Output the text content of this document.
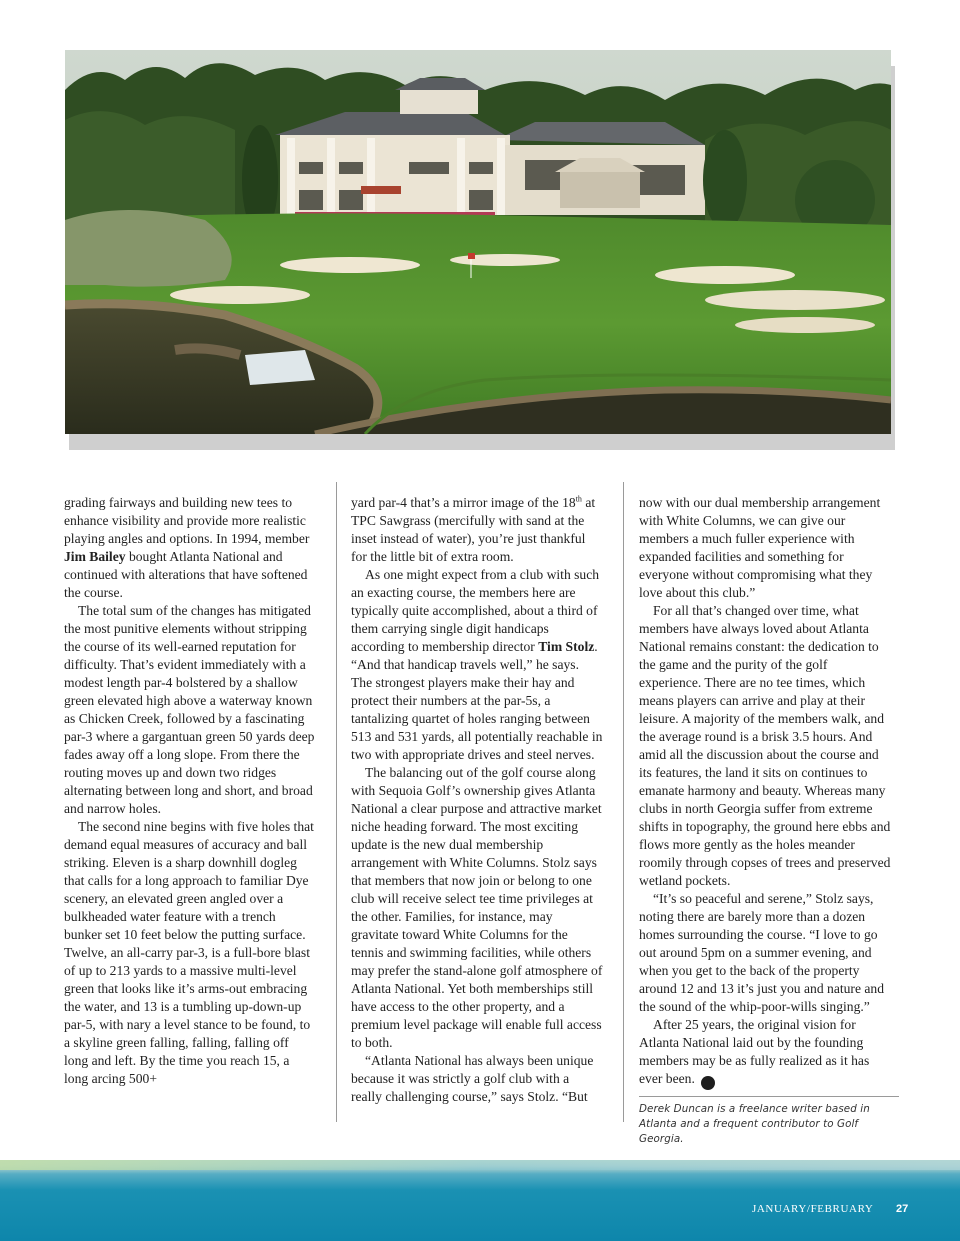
grading fairways and building new tees to enhance visibility and provide more realistic playing angles and options. In 1994, member Jim Bailey bought Atlanta National and continued with alterations that have softened the course.

The total sum of the changes has mitigated the most punitive elements without stripping the course of its well-earned reputation for difficulty. That’s evident immediately with a modest length par-4 bolstered by a shallow green elevated high above a waterway known as Chicken Creek, followed by a fascinating par-3 where a gargantuan green 50 yards deep fades away off a long slope. From there the routing moves up and down two ridges alternating between long and short, and broad and narrow holes.

The second nine begins with five holes that demand equal measures of accuracy and ball striking. Eleven is a sharp downhill dogleg that calls for a long approach to familiar Dye scenery, an elevated green angled over a bulkheaded water feature with a trench bunker set 10 feet below the putting surface. Twelve, an all-carry par-3, is a full-bore blast of up to 213 yards to a massive multi-level green that looks like it’s arms-out embracing the water, and 13 is a tumbling up-down-up par-5, with nary a level stance to be found, to a skyline green falling, falling, falling off long and left. By the time you reach 15, a long arcing 500+

yard par-4 that’s a mirror image of the 18th at TPC Sawgrass (mercifully with sand at the inset instead of water), you’re just thankful for the little bit of extra room.

As one might expect from a club with such an exacting course, the members here are typically quite accomplished, about a third of them carrying single digit handicaps according to membership director Tim Stolz. “And that handicap travels well,” he says. The strongest players make their hay and protect their numbers at the par-5s, a tantalizing quartet of holes ranging between 513 and 531 yards, all potentially reachable in two with appropriate drives and steel nerves.

The balancing out of the golf course along with Sequoia Golf’s ownership gives Atlanta National a clear purpose and attractive market niche heading forward. The most exciting update is the new dual membership arrangement with White Columns. Stolz says that members that now join or belong to one club will receive select tee time privileges at the other. Families, for instance, may gravitate toward White Columns for the tennis and swimming facilities, while others may prefer the stand-alone golf atmosphere of Atlanta National. Yet both memberships still have access to the other property, and a premium level package will enable full access to both.

“Atlanta National has always been unique because it was strictly a golf club with a really challenging course,” says Stolz. “But

now with our dual membership arrangement with White Columns, we can give our members a much fuller experience with expanded facilities and something for everyone without compromising what they love about this club.”

For all that’s changed over time, what members have always loved about Atlanta National remains constant: the dedication to the game and the purity of the golf experience. There are no tee times, which means players can arrive and play at their leisure. A majority of the members walk, and the average round is a brisk 3.5 hours. And amid all the discussion about the course and its features, the land it sits on continues to emanate harmony and beauty. Whereas many clubs in north Georgia suffer from extreme shifts in topography, the ground here ebbs and flows more gently as the holes meander roomily through copses of trees and preserved wetland pockets.

“It’s so peaceful and serene,” Stolz says, noting there are barely more than a dozen homes surrounding the course. “I love to go out around 5pm on a summer evening, and when you get to the back of the property around 12 and 13 it’s just you and nature and the sound of the whip-poor-wills singing.”

After 25 years, the original vision for Atlanta National laid out by the founding members may be as fully realized as it has ever been.	GG

Derek Duncan is a freelance writer based in Atlanta and a frequent contributor to Golf Georgia.

JANUARY/FEBRUARY 27
